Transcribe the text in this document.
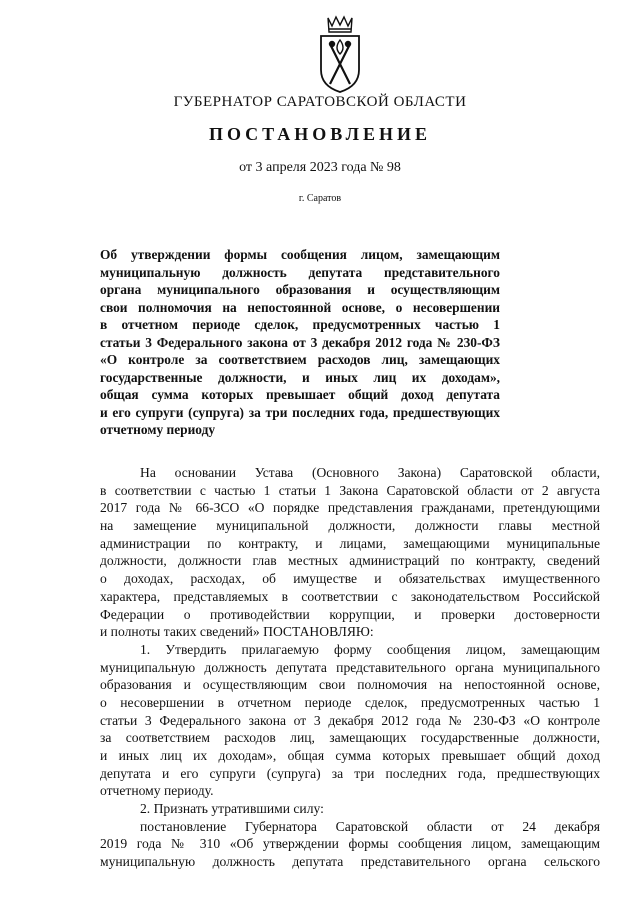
ГУБЕРНАТОР САРАТОВСКОЙ ОБЛАСТИ
ПОСТАНОВЛЕНИЕ
от 3 апреля 2023 года № 98
г. Саратов
Об утверждении формы сообщения лицом, замещающим
муниципальную должность депутата представительного
органа муниципального образования и осуществляющим
свои полномочия на непостоянной основе, о несовершении
в отчетном периоде сделок, предусмотренных частью 1
статьи 3 Федерального закона от 3 декабря 2012 года № 230-ФЗ
«О контроле за соответствием расходов лиц, замещающих
государственные должности, и иных лиц их доходам»,
общая сумма которых превышает общий доход депутата
и его супруги (супруга) за три последних года, предшествующих
отчетному периоду
На основании Устава (Основного Закона) Саратовской области,
в соответствии с частью 1 статьи 1 Закона Саратовской области от 2 августа
2017 года № 66-ЗСО «О порядке представления гражданами, претендующими
на замещение муниципальной должности, должности главы местной
администрации по контракту, и лицами, замещающими муниципальные
должности, должности глав местных администраций по контракту, сведений
о доходах, расходах, об имуществе и обязательствах имущественного
характера, представляемых в соответствии с законодательством Российской
Федерации о противодействии коррупции, и проверки достоверности
и полноты таких сведений» ПОСТАНОВЛЯЮ:
1. Утвердить прилагаемую форму сообщения лицом, замещающим
муниципальную должность депутата представительного органа муниципального
образования и осуществляющим свои полномочия на непостоянной основе,
о несовершении в отчетном периоде сделок, предусмотренных частью 1
статьи 3 Федерального закона от 3 декабря 2012 года № 230-ФЗ «О контроле
за соответствием расходов лиц, замещающих государственные должности,
и иных лиц их доходам», общая сумма которых превышает общий доход
депутата и его супруги (супруга) за три последних года, предшествующих
отчетному периоду.
2. Признать утратившими силу:
постановление Губернатора Саратовской области от 24 декабря
2019 года № 310 «Об утверждении формы сообщения лицом, замещающим
муниципальную должность депутата представительного органа сельского
